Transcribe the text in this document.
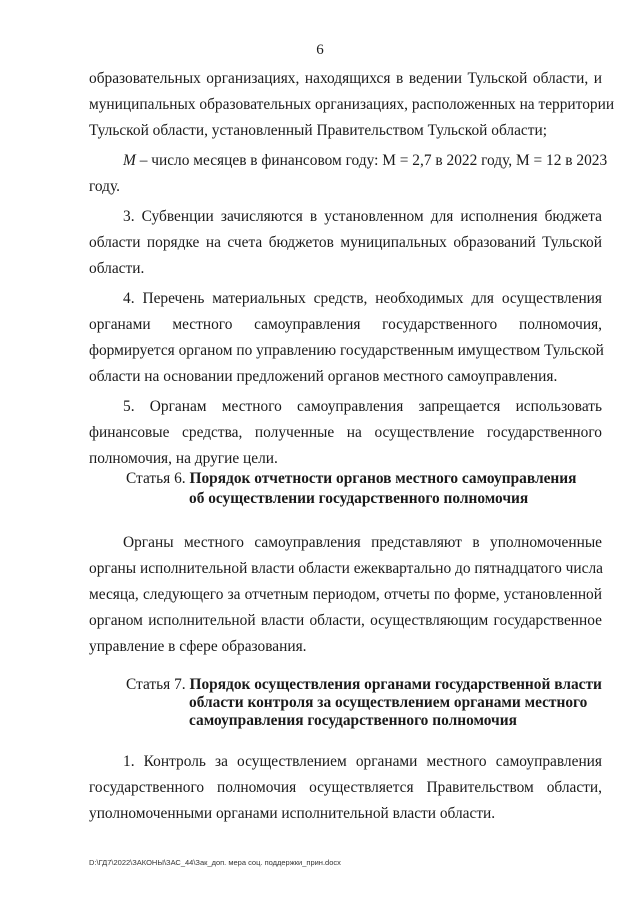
6
образовательных организациях, находящихся в ведении Тульской области, и
муниципальных образовательных организациях, расположенных на территории
Тульской области, установленный Правительством Тульской области;
М – число месяцев в финансовом году: М = 2,7 в 2022 году, М = 12 в 2023
году.
3. Субвенции зачисляются в установленном для исполнения бюджета
области порядке на счета бюджетов муниципальных образований Тульской
области.
4. Перечень материальных средств, необходимых для осуществления
органами местного самоуправления государственного полномочия,
формируется органом по управлению государственным имуществом Тульской
области на основании предложений органов местного самоуправления.
5. Органам местного самоуправления запрещается использовать
финансовые средства, полученные на осуществление государственного
полномочия, на другие цели.
Статья 6. Порядок отчетности органов местного самоуправления
об осуществлении государственного полномочия
Органы местного самоуправления представляют в уполномоченные
органы исполнительной власти области ежеквартально до пятнадцатого числа
месяца, следующего за отчетным периодом, отчеты по форме, установленной
органом исполнительной власти области, осуществляющим государственное
управление в сфере образования.
Статья 7. Порядок осуществления органами государственной власти
области контроля за осуществлением органами местного
самоуправления государственного полномочия
1. Контроль за осуществлением органами местного самоуправления
государственного полномочия осуществляется Правительством области,
уполномоченными органами исполнительной власти области.
D:\ГД7\2022\ЗАКОНЫ\ЗАС_44\Зак_доп. мера соц. поддержки_прин.docx
